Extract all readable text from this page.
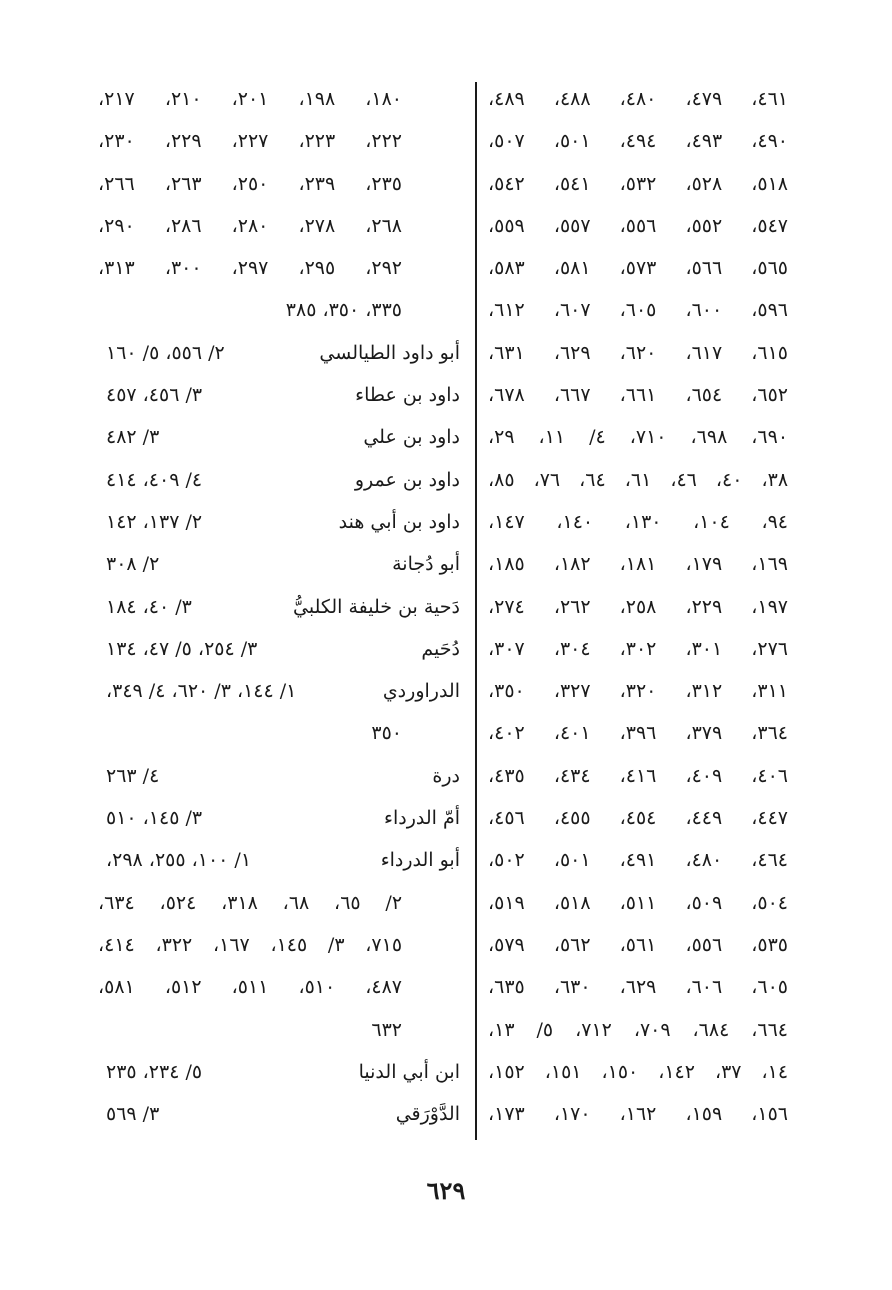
٤٦١، ٤٧٩، ٤٨٠، ٤٨٨، ٤٨٩،
٤٩٠، ٤٩٣، ٤٩٤، ٥٠١، ٥٠٧،
٥١٨، ٥٢٨، ٥٣٢، ٥٤١، ٥٤٢،
٥٤٧، ٥٥٢، ٥٥٦، ٥٥٧، ٥٥٩،
٥٦٥، ٥٦٦، ٥٧٣، ٥٨١، ٥٨٣،
٥٩٦، ٦٠٠، ٦٠٥، ٦٠٧، ٦١٢،
٦١٥، ٦١٧، ٦٢٠، ٦٢٩، ٦٣١،
٦٥٢، ٦٥٤، ٦٦١، ٦٦٧، ٦٧٨،
٦٩٠، ٦٩٨، ٧١٠، ٤/ ١١، ٢٩،
٣٨، ٤٠، ٤٦، ٦١، ٦٤، ٧٦، ٨٥،
٩٤، ١٠٤، ١٣٠، ١٤٠، ١٤٧،
١٦٩، ١٧٩، ١٨١، ١٨٢، ١٨٥،
١٩٧، ٢٢٩، ٢٥٨، ٢٦٢، ٢٧٤،
٢٧٦، ٣٠١، ٣٠٢، ٣٠٤، ٣٠٧،
٣١١، ٣١٢، ٣٢٠، ٣٢٧، ٣٥٠،
٣٦٤، ٣٧٩، ٣٩٦، ٤٠١، ٤٠٢،
٤٠٦، ٤٠٩، ٤١٦، ٤٣٤، ٤٣٥،
٤٤٧، ٤٤٩، ٤٥٤، ٤٥٥، ٤٥٦،
٤٦٤، ٤٨٠، ٤٩١، ٥٠١، ٥٠٢،
٥٠٤، ٥٠٩، ٥١١، ٥١٨، ٥١٩،
٥٣٥، ٥٥٦، ٥٦١، ٥٦٢، ٥٧٩،
٦٠٥، ٦٠٦، ٦٢٩، ٦٣٠، ٦٣٥،
٦٦٤، ٦٨٤، ٧٠٩، ٧١٢، ٥/ ١٣،
١٤، ٣٧، ١٤٢، ١٥٠، ١٥١، ١٥٢،
١٥٦، ١٥٩، ١٦٢، ١٧٠، ١٧٣،
١٨٠، ١٩٨، ٢٠١، ٢١٠، ٢١٧،
٢٢٢، ٢٢٣، ٢٢٧، ٢٢٩، ٢٣٠،
٢٣٥، ٢٣٩، ٢٥٠، ٢٦٣، ٢٦٦،
٢٦٨، ٢٧٨، ٢٨٠، ٢٨٦، ٢٩٠،
٢٩٢، ٢٩٥، ٢٩٧، ٣٠٠، ٣١٣،
٣٣٥، ٣٥٠، ٣٨٥
أبو داود الطيالسي
٢/ ٥٥٦، ٥/ ١٦٠
داود بن عطاء
٣/ ٤٥٦، ٤٥٧
داود بن علي
٣/ ٤٨٢
داود بن عمرو
٤/ ٤٠٩، ٤١٤
داود بن أبي هند
٢/ ١٣٧، ١٤٢
أبو دُجانة
٢/ ٣٠٨
دَحية بن خليفة الكلبيُّ
٣/ ٤٠، ١٨٤
دُحَيم
٣/ ٢٥٤، ٥/ ٤٧، ١٣٤
الدراوردي
١/ ١٤٤، ٣/ ٦٢٠، ٤/ ٣٤٩،
٣٥٠
درة
٤/ ٢٦٣
أمّ الدرداء
٣/ ١٤٥، ٥١٠
أبو الدرداء
١/ ١٠٠، ٢٥٥، ٢٩٨،
٢/ ٦٥، ٦٨، ٣١٨، ٥٢٤، ٦٣٤،
٧١٥، ٣/ ١٤٥، ١٦٧، ٣٢٢، ٤١٤،
٤٨٧، ٥١٠، ٥١١، ٥١٢، ٥٨١،
٦٣٢
ابن أبي الدنيا
٥/ ٢٣٤، ٢٣٥
الدَّوْرَقي
٣/ ٥٦٩
٦٢٩
